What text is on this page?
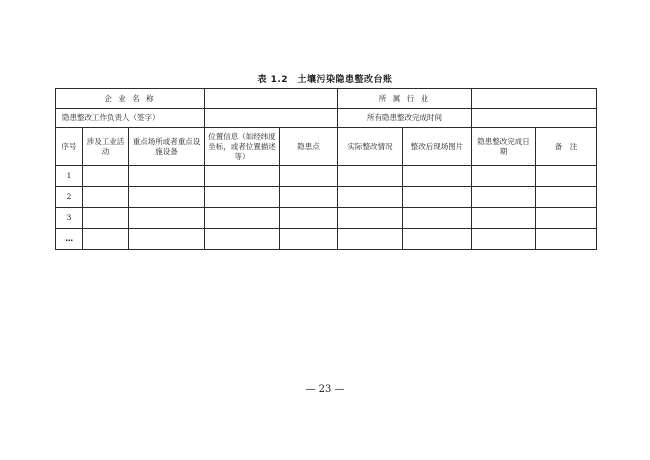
表 1.2　土壤污染隐患整改台账
企 业 名 称					所 属 行 业			
隐患整改工作负责人（签字）					所有隐患整改完成时间			
序号	涉及工业活动	重点场所或者重点设施设备	位置信息（如经纬度坐标，或者位置描述等）	隐患点	实际整改情况	整改后现场图片	隐患整改完成日期	备　注
1								
2								
3								
…								
— 23 —
